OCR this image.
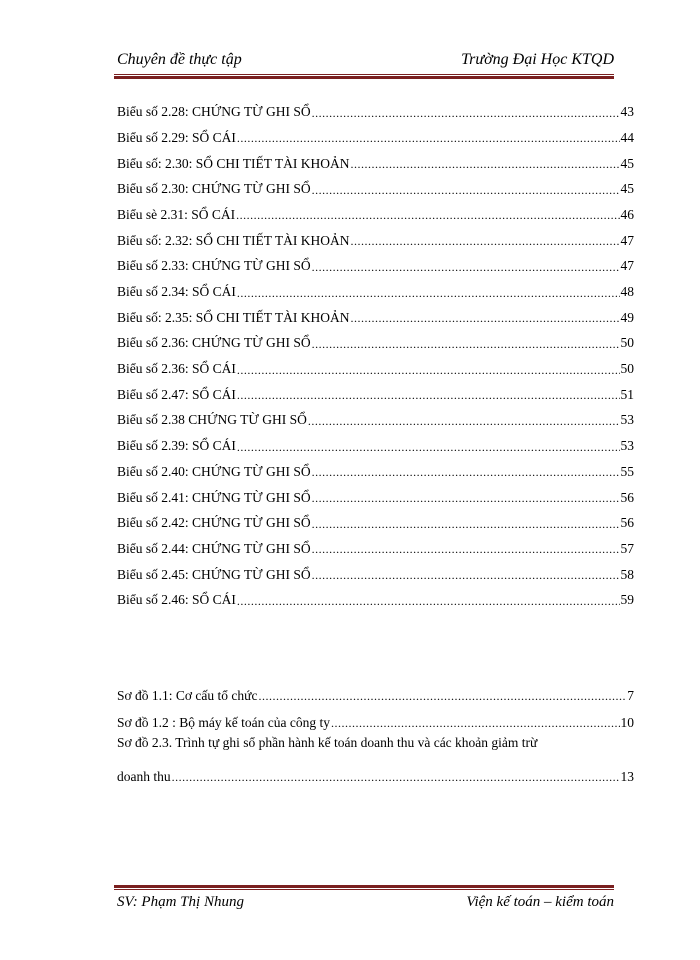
Chuyên đề thực tập	Trường Đại Học KTQD
Biểu số 2.28: CHỨNG TỪ GHI SỔ .....	43
Biểu số 2.29: SỔ CÁI .....	44
Biểu số: 2.30: SỔ CHI TIẾT TÀI KHOẢN .....	45
Biểu số 2.30: CHỨNG TỪ GHI SỔ .....	45
Biểu sè 2.31: SỔ CÁI .....	46
Biểu số: 2.32: SỔ CHI TIẾT TÀI KHOẢN .....	47
Biểu số 2.33: CHỨNG TỪ GHI SỔ .....	47
Biểu số 2.34: SỔ CÁI .....	48
Biểu số: 2.35: SỔ CHI TIẾT TÀI KHOẢN .....	49
Biểu số 2.36: CHỨNG TỪ GHI SỔ .....	50
Biểu số 2.36: SỔ CÁI .....	50
Biểu số 2.47: SỔ CÁI .....	51
Biểu số 2.38 CHỨNG TỪ GHI SỔ .....	53
Biểu số 2.39: SỔ CÁI .....	53
Biểu số 2.40: CHỨNG TỪ GHI SỔ .....	55
Biểu số 2.41: CHỨNG TỪ GHI SỔ .....	56
Biểu số 2.42: CHỨNG TỪ GHI SỔ .....	56
Biểu số 2.44: CHỨNG TỪ GHI SỔ .....	57
Biểu số 2.45: CHỨNG TỪ GHI SỔ .....	58
Biểu số 2.46: SỔ CÁI .....	59
Sơ đồ 1.1: Cơ cấu tổ chức .....	7
Sơ đồ 1.2 : Bộ máy kế toán của công ty .....	10
Sơ đồ 2.3. Trình tự ghi sổ phần hành kế toán doanh thu và các khoản giảm trừ
doanh thu .....	13
SV: Phạm Thị Nhung	Viện kế toán – kiểm toán
